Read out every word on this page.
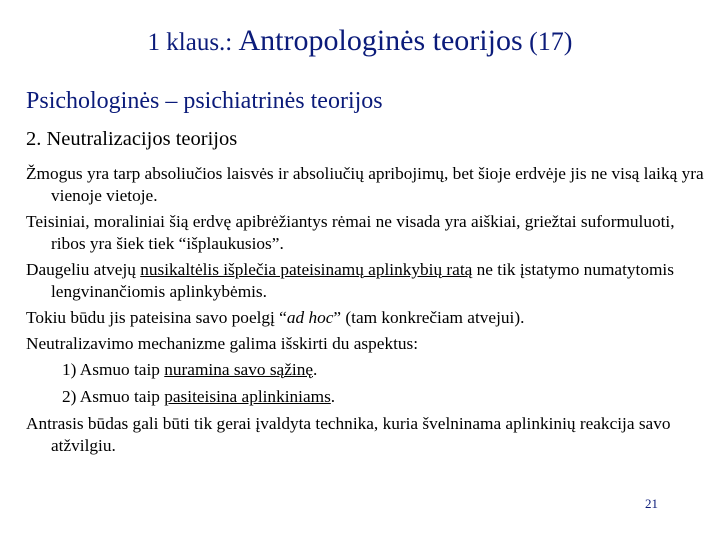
1 klaus.: Antropologinės teorijos (17)
Psichologinės – psichiatrinės teorijos
2. Neutralizacijos teorijos

Žmogus yra tarp absoliučios laisvės ir absoliučių apribojimų, bet šioje erdvėje jis ne visą laiką yra vienoje vietoje.

Teisiniai, moraliniai šią erdvę apibrėžiantys rėmai ne visada yra aiškiai, griežtai suformuluoti, ribos yra šiek tiek “išplaukusios”.

Daugeliu atvejų nusikaltėlis išplečia pateisinamų aplinkybių ratą ne tik įstatymo numatytomis lengvinančiomis aplinkybėmis.

Tokiu būdu jis pateisina savo poelgį “ad hoc” (tam konkrečiam atvejui).

Neutralizavimo mechanizme galima išskirti du aspektus:

1) Asmuo taip nuramina savo sąžinę.

2) Asmuo taip pasiteisina aplinkiniams.

Antrasis būdas gali būti tik gerai įvaldyta technika, kuria švelninama aplinkinių reakcija savo atžvilgiu.

21
